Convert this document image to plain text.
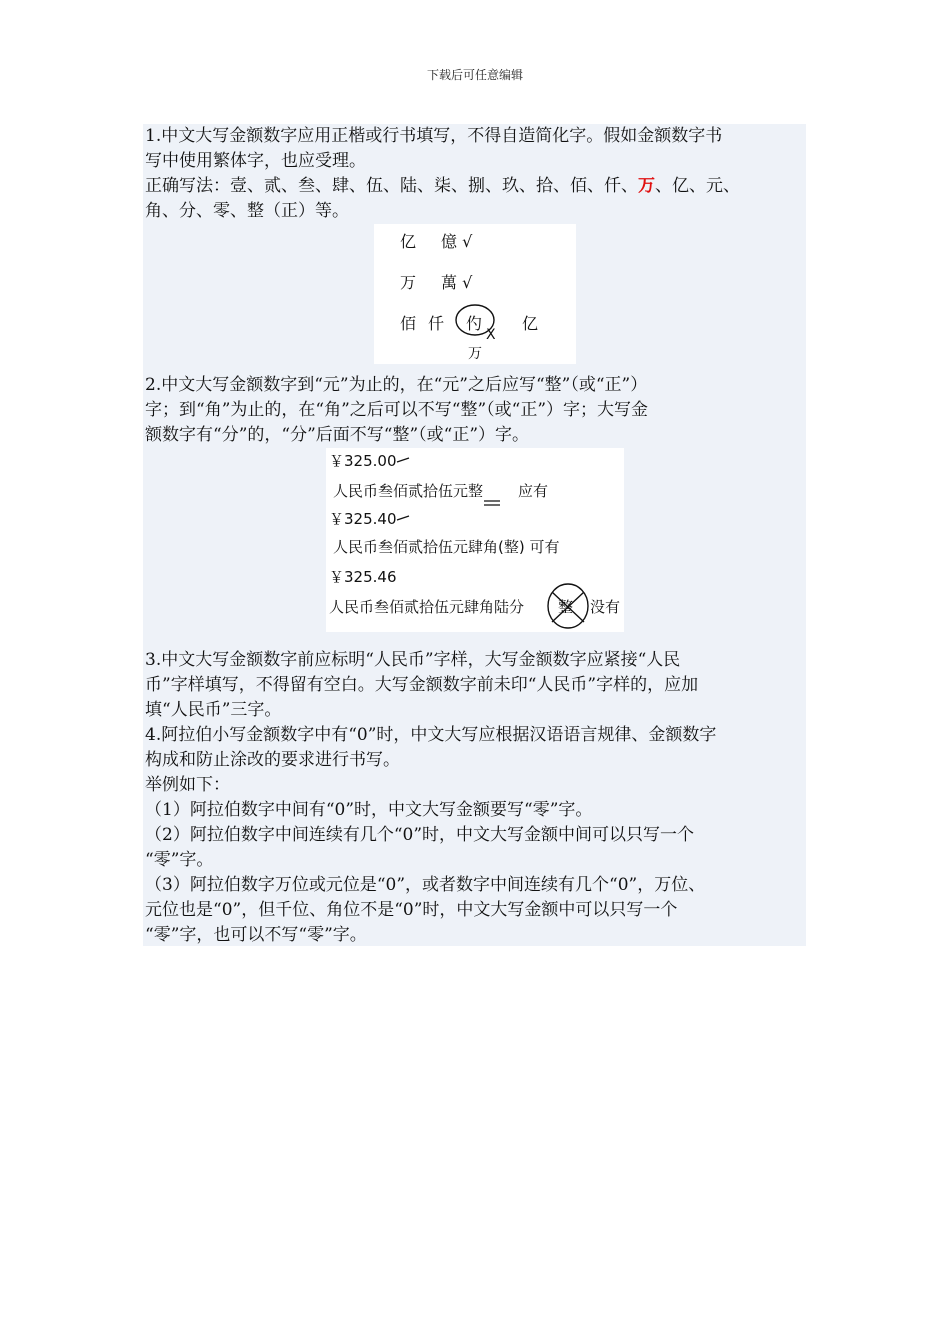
下载后可任意编辑
1.中文大写金额数字应用正楷或行书填写，不得自造简化字。假如金额数字书
写中使用繁体字，也应受理。
正确写法：壹、贰、叁、肆、伍、陆、柒、捌、玖、拾、佰、仟、万、亿、元、
角、分、零、整（正）等。
亿 億 √
万 萬 √
佰 仟 仢
X
亿
万
2.中文大写金额数字到“元”为止的，在“元”之后应写“整”（或“正”）
字；到“角”为止的，在“角”之后可以不写“整”（或“正”）字；大写金
额数字有“分”的，“分”后面不写“整”（或“正”）字。
￥325.00
人民币叁佰贰拾伍元整 应有
￥325.40
人民币叁佰贰拾伍元肆角(整) 可有
￥325.46
人民币叁佰贰拾伍元肆角陆分 整 没有
3.中文大写金额数字前应标明“人民币”字样，大写金额数字应紧接“人民
币”字样填写，不得留有空白。大写金额数字前未印“人民币”字样的，应加
填“人民币”三字。
4.阿拉伯小写金额数字中有“0”时，中文大写应根据汉语语言规律、金额数字
构成和防止涂改的要求进行书写。
举例如下：
（1）阿拉伯数字中间有“0”时，中文大写金额要写“零”字。
（2）阿拉伯数字中间连续有几个“0”时，中文大写金额中间可以只写一个
“零”字。
（3）阿拉伯数字万位或元位是“0”，或者数字中间连续有几个“0”，万位、
元位也是“0”，但千位、角位不是“0”时，中文大写金额中可以只写一个
“零”字，也可以不写“零”字。
